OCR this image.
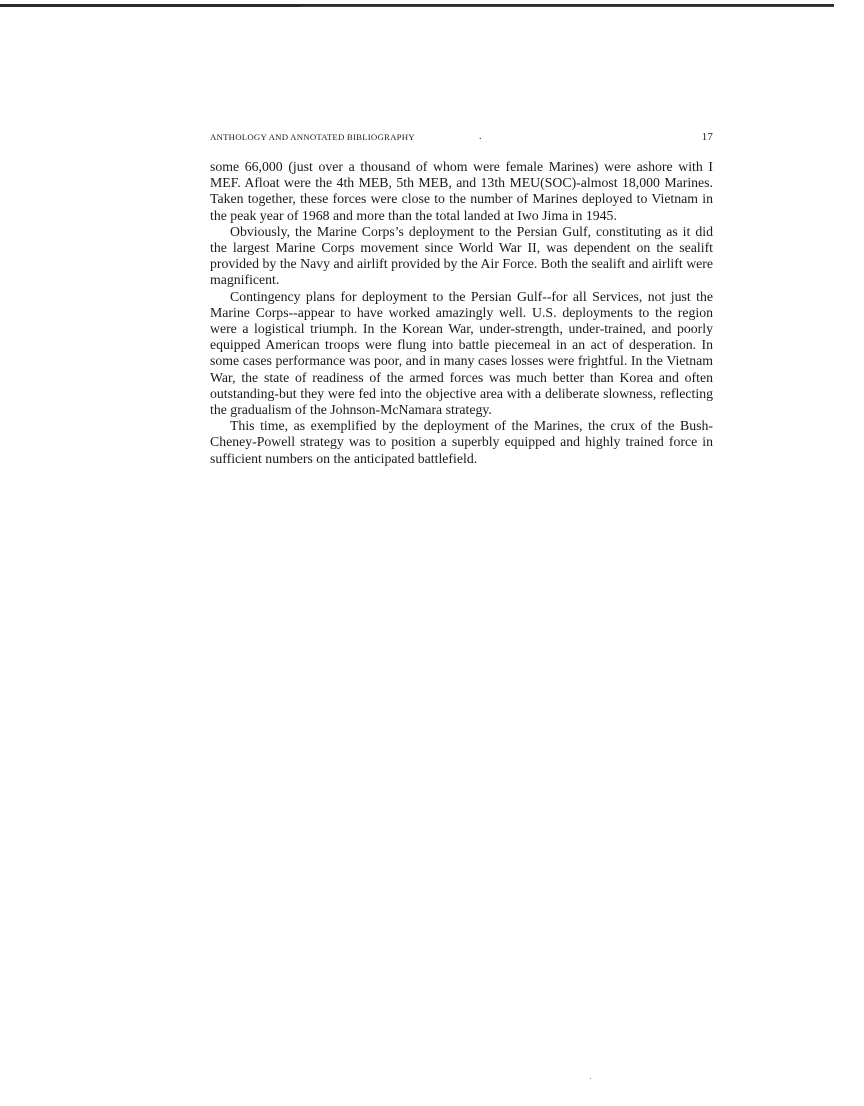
ANTHOLOGY AND ANNOTATED BIBLIOGRAPHY	.	17

some 66,000 (just over a thousand of whom were female Marines) were ashore with I MEF. Afloat were the 4th MEB, 5th MEB, and 13th MEU(SOC)-almost 18,000 Marines. Taken together, these forces were close to the number of Marines deployed to Vietnam in the peak year of 1968 and more than the total landed at Iwo Jima in 1945.

Obviously, the Marine Corps’s deployment to the Persian Gulf, constituting as it did the largest Marine Corps movement since World War II, was dependent on the sealift provided by the Navy and airlift provided by the Air Force. Both the sealift and airlift were magnificent.

Contingency plans for deployment to the Persian Gulf--for all Services, not just the Marine Corps--appear to have worked amazingly well. U.S. deployments to the region were a logistical triumph. In the Korean War, under-strength, under-trained, and poorly equipped American troops were flung into battle piecemeal in an act of desperation. In some cases performance was poor, and in many cases losses were frightful. In the Vietnam War, the state of readiness of the armed forces was much better than Korea and often outstanding-but they were fed into the objective area with a deliberate slowness, reflecting the gradualism of the Johnson-McNamara strategy.

This time, as exemplified by the deployment of the Marines, the crux of the Bush-Cheney-Powell strategy was to position a superbly equipped and highly trained force in sufficient numbers on the anticipated battlefield.
